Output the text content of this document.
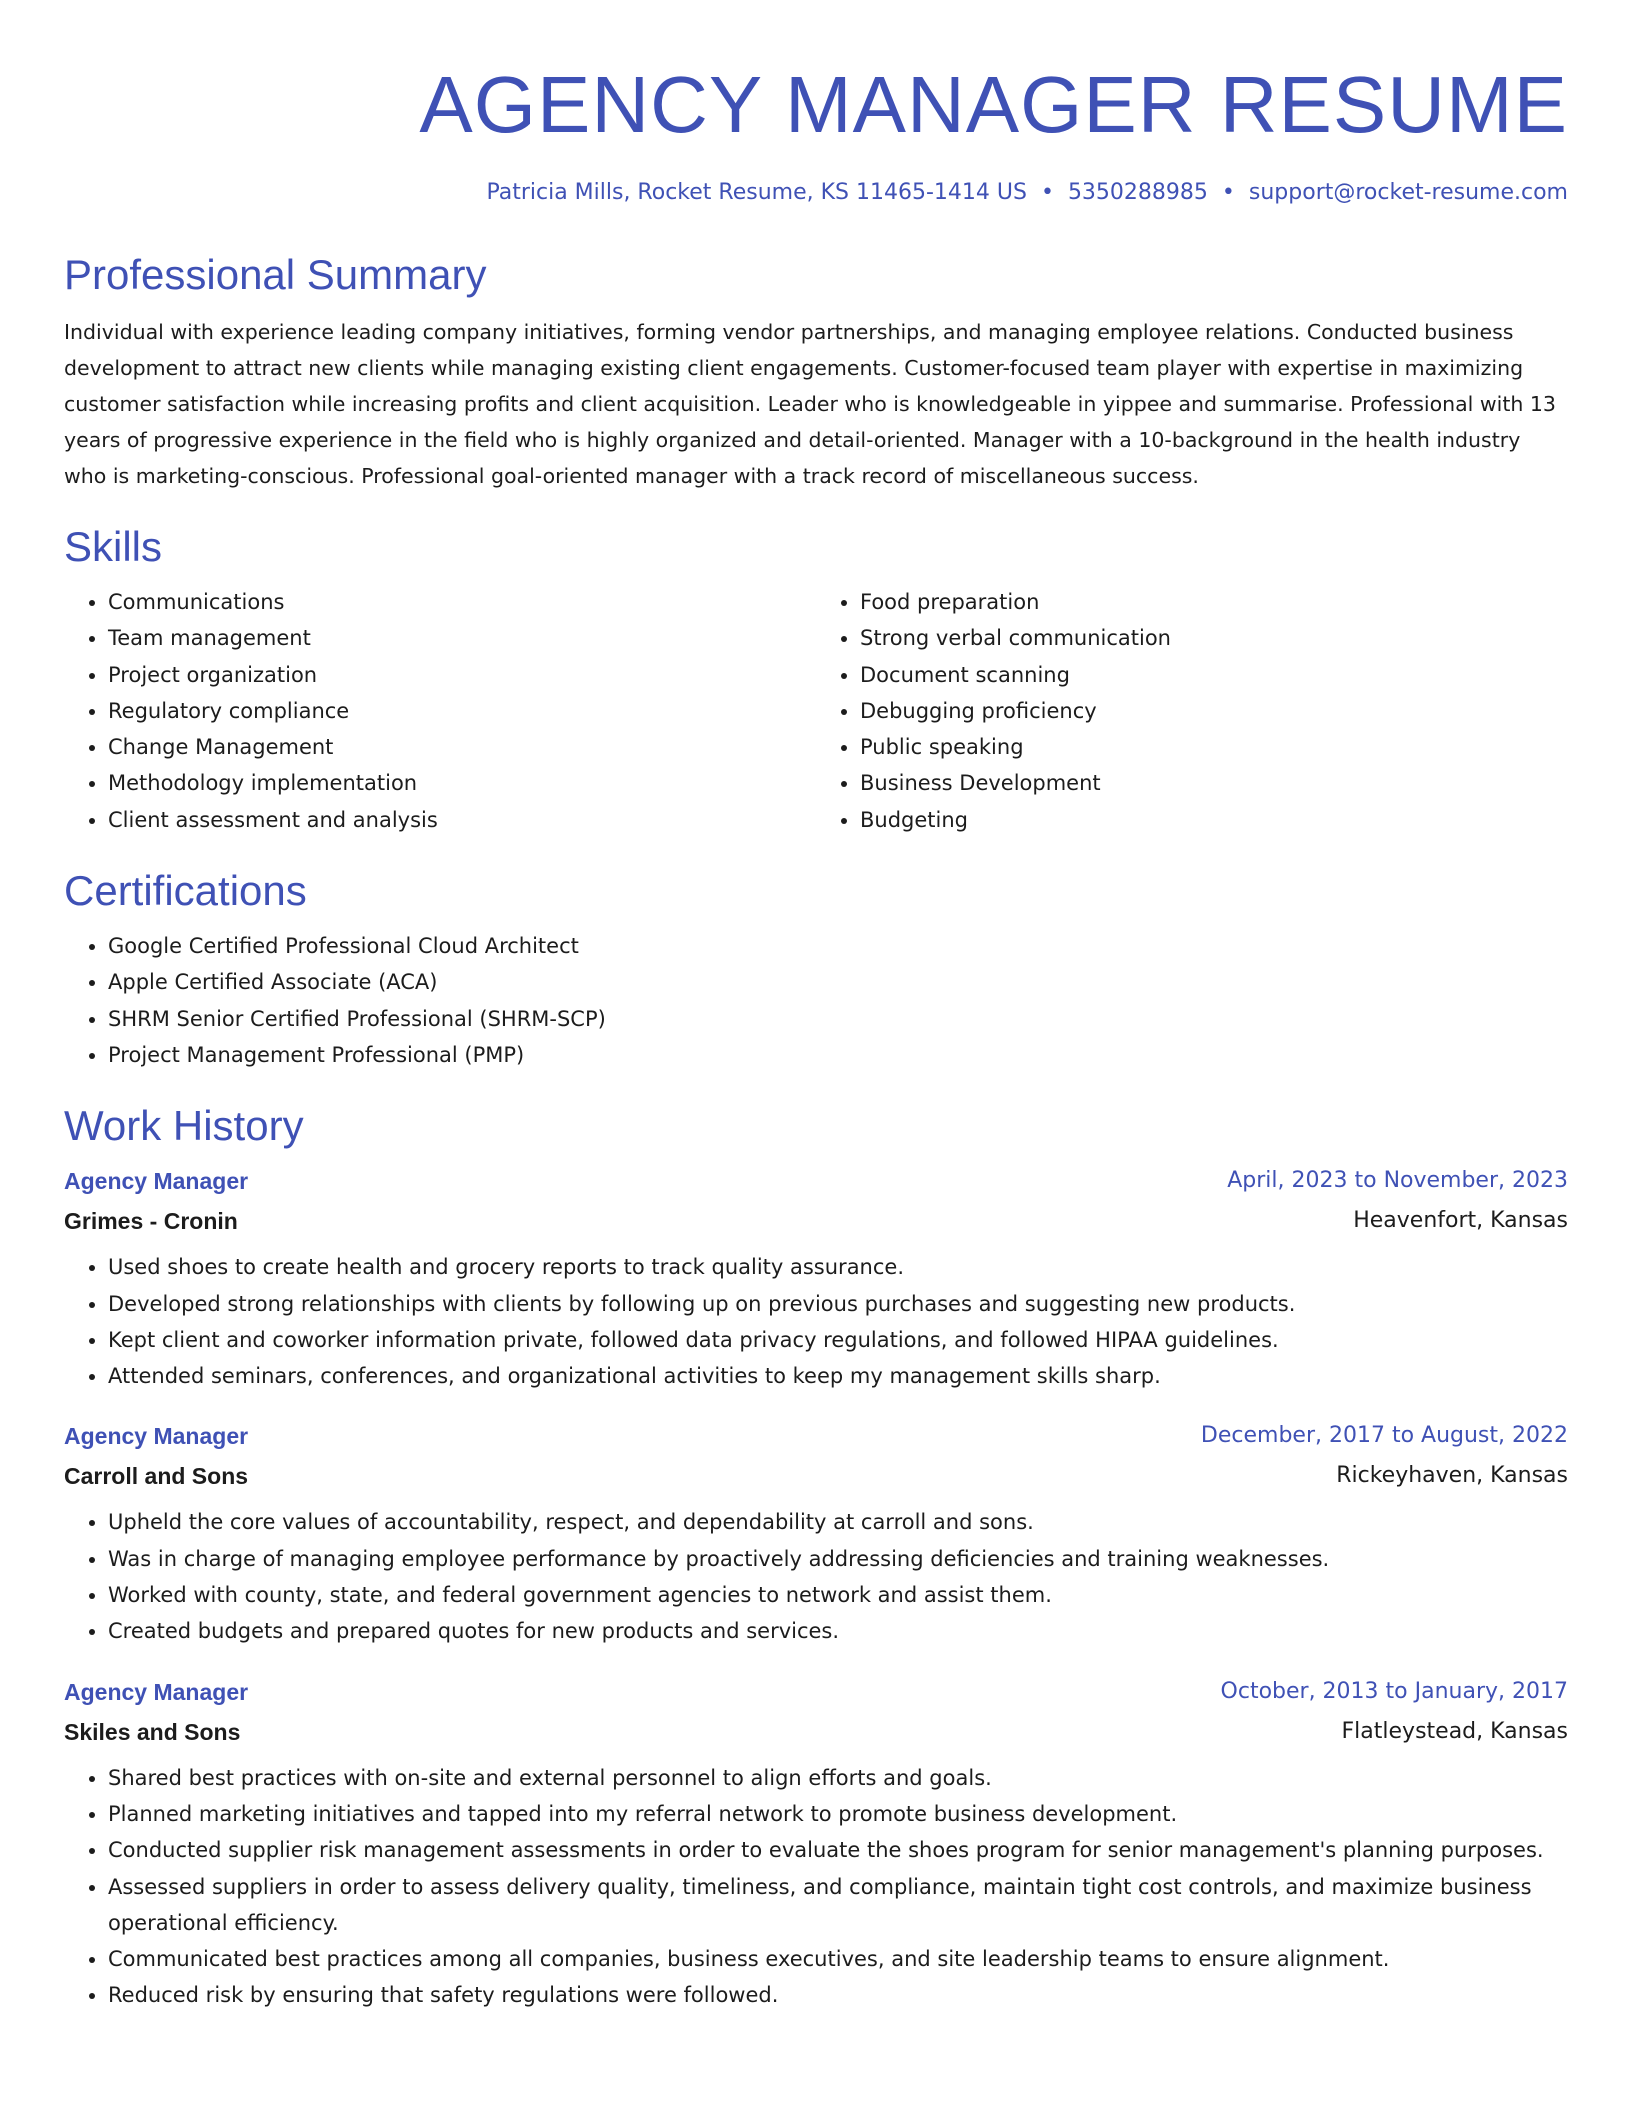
AGENCY MANAGER RESUME
Patricia Mills, Rocket Resume, KS 11465-1414 US • 5350288985 • support@rocket-resume.com
Professional Summary

Individual with experience leading company initiatives, forming vendor partnerships, and managing employee relations. Conducted business development to attract new clients while managing existing client engagements. Customer-focused team player with expertise in maximizing customer satisfaction while increasing profits and client acquisition. Leader who is knowledgeable in yippee and summarise. Professional with 13 years of progressive experience in the field who is highly organized and detail-oriented. Manager with a 10-background in the health industry who is marketing-conscious. Professional goal-oriented manager with a track record of miscellaneous success.

Skills
• Communications
• Team management
• Project organization
• Regulatory compliance
• Change Management
• Methodology implementation
• Client assessment and analysis
• Food preparation
• Strong verbal communication
• Document scanning
• Debugging proficiency
• Public speaking
• Business Development
• Budgeting
Certifications
• Google Certified Professional Cloud Architect
• Apple Certified Associate (ACA)
• SHRM Senior Certified Professional (SHRM-SCP)
• Project Management Professional (PMP)
Work History
Agency Manager	April, 2023 to November, 2023
Grimes - Cronin	Heavenfort, Kansas
• Used shoes to create health and grocery reports to track quality assurance.
• Developed strong relationships with clients by following up on previous purchases and suggesting new products.
• Kept client and coworker information private, followed data privacy regulations, and followed HIPAA guidelines.
• Attended seminars, conferences, and organizational activities to keep my management skills sharp.
Agency Manager	December, 2017 to August, 2022
Carroll and Sons	Rickeyhaven, Kansas
• Upheld the core values of accountability, respect, and dependability at carroll and sons.
• Was in charge of managing employee performance by proactively addressing deficiencies and training weaknesses.
• Worked with county, state, and federal government agencies to network and assist them.
• Created budgets and prepared quotes for new products and services.
Agency Manager	October, 2013 to January, 2017
Skiles and Sons	Flatleystead, Kansas
• Shared best practices with on-site and external personnel to align efforts and goals.
• Planned marketing initiatives and tapped into my referral network to promote business development.
• Conducted supplier risk management assessments in order to evaluate the shoes program for senior management's planning purposes.
• Assessed suppliers in order to assess delivery quality, timeliness, and compliance, maintain tight cost controls, and maximize business operational efficiency.
• Communicated best practices among all companies, business executives, and site leadership teams to ensure alignment.
• Reduced risk by ensuring that safety regulations were followed.
